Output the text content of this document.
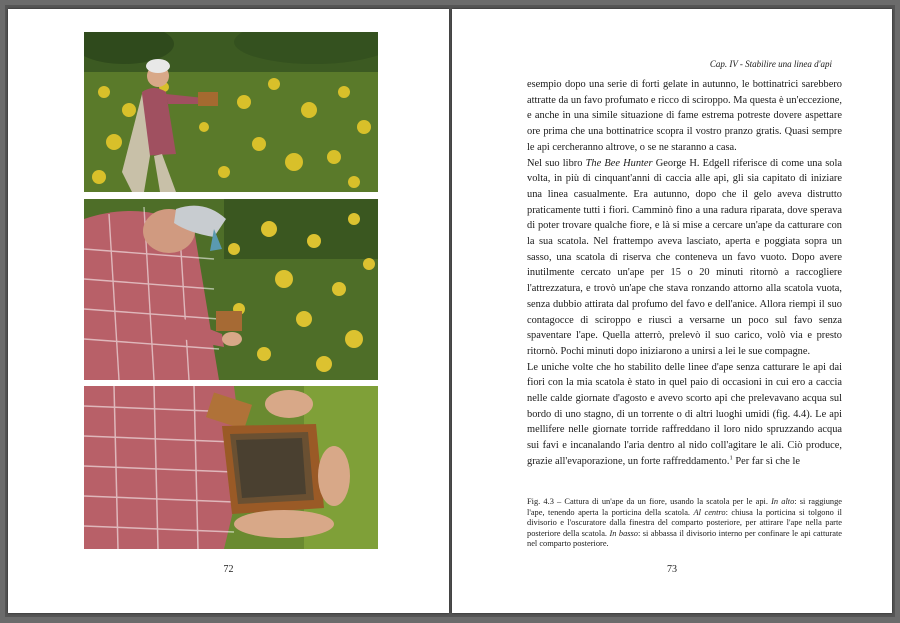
72
Cap. IV - Stabilire una linea d'api

esempio dopo una serie di forti gelate in autunno, le bottinatrici sarebbero attratte da un favo profumato e ricco di sciroppo. Ma questa è un'eccezione, e anche in una simile situazione di fame estrema potreste dovere aspettare ore prima che una bottinatrice scopra il vostro pranzo gratis. Quasi sempre le api cercheranno altrove, o se ne staranno a casa.

Nel suo libro The Bee Hunter George H. Edgell riferisce di come una sola volta, in più di cinquant'anni di caccia alle api, gli sia capitato di iniziare una linea casualmente. Era autunno, dopo che il gelo aveva distrutto praticamente tutti i fiori. Camminò fino a una radura riparata, dove sperava di poter trovare qualche fiore, e là si mise a cercare un'ape da catturare con la sua scatola. Nel frattempo aveva lasciato, aperta e poggiata sopra un sasso, una scatola di riserva che conteneva un favo vuoto. Dopo avere inutilmente cercato un'ape per 15 o 20 minuti ritornò a raccogliere l'attrezzatura, e trovò un'ape che stava ronzando attorno alla scatola vuota, senza dubbio attirata dal profumo del favo e dell'anice. Allora riempì il suo contagocce di sciroppo e riuscì a versarne un poco sul favo senza spaventare l'ape. Quella atterrò, prelevò il suo carico, volò via e presto ritornò. Pochi minuti dopo iniziarono a unirsi a lei le sue compagne.

Le uniche volte che ho stabilito delle linee d'ape senza catturare le api dai fiori con la mia scatola è stato in quel paio di occasioni in cui ero a caccia nelle calde giornate d'agosto e avevo scorto api che prelevavano acqua sul bordo di uno stagno, di un torrente o di altri luoghi umidi (fig. 4.4). Le api mellifere nelle giornate torride raffreddano il loro nido spruzzando acqua sui favi e incanalando l'aria dentro al nido coll'agitare le ali. Ciò produce, grazie all'evaporazione, un forte raffreddamento.$^1$ Per far sì che le

Fig. 4.3 – Cattura di un'ape da un fiore, usando la scatola per le api. In alto: si raggiunge l'ape, tenendo aperta la porticina della scatola. Al centro: chiusa la porticina si tolgono il divisorio e l'oscuratore dalla finestra del comparto posteriore, per attirare l'ape nella parte posteriore della scatola. In basso: si abbassa il divisorio interno per confinare le api catturate nel comparto posteriore.
73
